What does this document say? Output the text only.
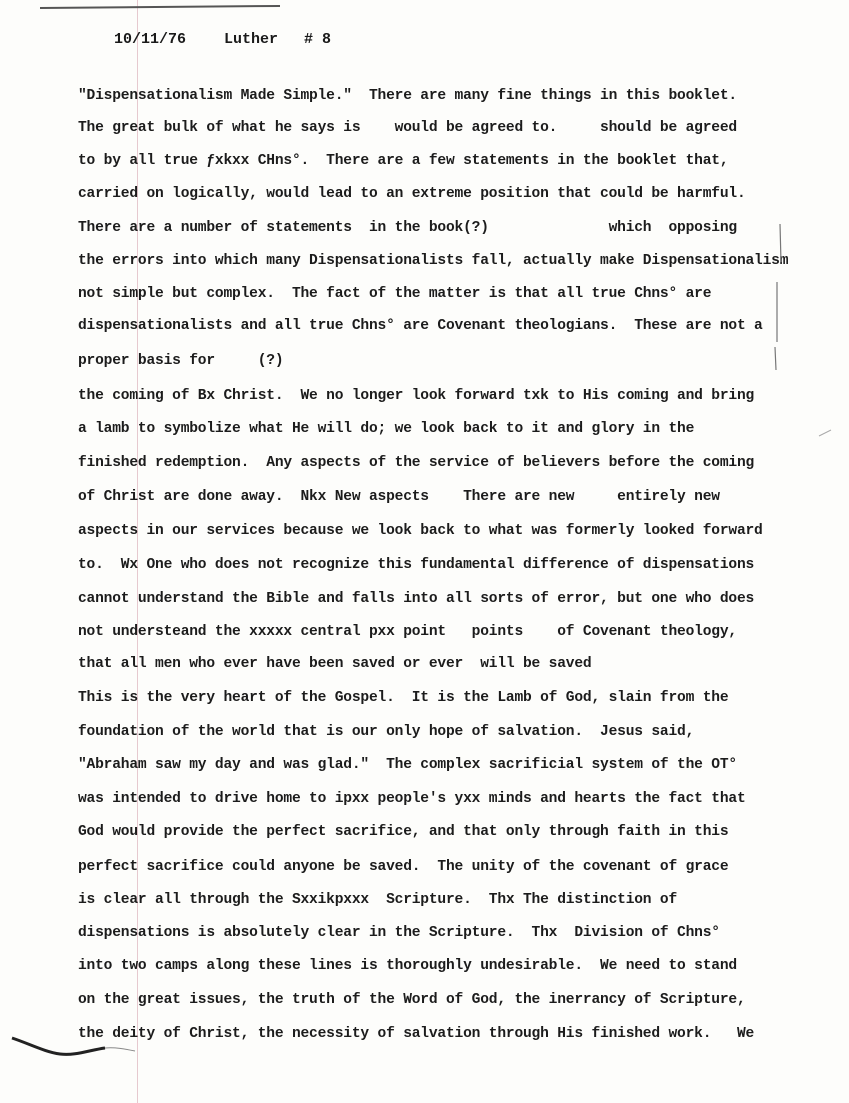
10/11/76	Luther # 8

"Dispensationalism Made Simple."  There are many fine things in this booklet.

The great bulk of what he says is    would be agreed to.     should be agreed

to by all true ƒxkxx CHns°.  There are a few statements in the booklet that,

carried on logically, would lead to an extreme position that could be harmful.

There are a number of statements  in the book(?)              which  opposing

the errors into which many Dispensationalists fall, actually make Dispensationalism

not simple but complex.  The fact of the matter is that all true Chns° are

dispensationalists and all true Chns° are Covenant theologians.  These are not a

proper basis for     (?)

the coming of Bx Christ.  We no longer look forward txk to His coming and bring

a lamb to symbolize what He will do; we look back to it and glory in the

finished redemption.  Any aspects of the service of believers before the coming

of Christ are done away.  Nkx New aspects    There are new     entirely new

aspects in our services because we look back to what was formerly looked forward

to.  Wx One who does not recognize this fundamental difference of dispensations

cannot understand the Bible and falls into all sorts of error, but one who does

not understeand the xxxxx central pxx point   points    of Covenant theology,

that all men who ever have been saved or ever  will be saved

This is the very heart of the Gospel.  It is the Lamb of God, slain from the

foundation of the world that is our only hope of salvation.  Jesus said,

"Abraham saw my day and was glad."  The complex sacrificial system of the OT°

was intended to drive home to ipxx people's yxx minds and hearts the fact that

God would provide the perfect sacrifice, and that only through faith in this

perfect sacrifice could anyone be saved.  The unity of the covenant of grace

is clear all through the Sxxikpxxx  Scripture.  Thx The distinction of

dispensations is absolutely clear in the Scripture.  Thx  Division of Chns°

into two camps along these lines is thoroughly undesirable.  We need to stand

on the great issues, the truth of the Word of God, the inerrancy of Scripture,

the deity of Christ, the necessity of salvation through His finished work.   We
